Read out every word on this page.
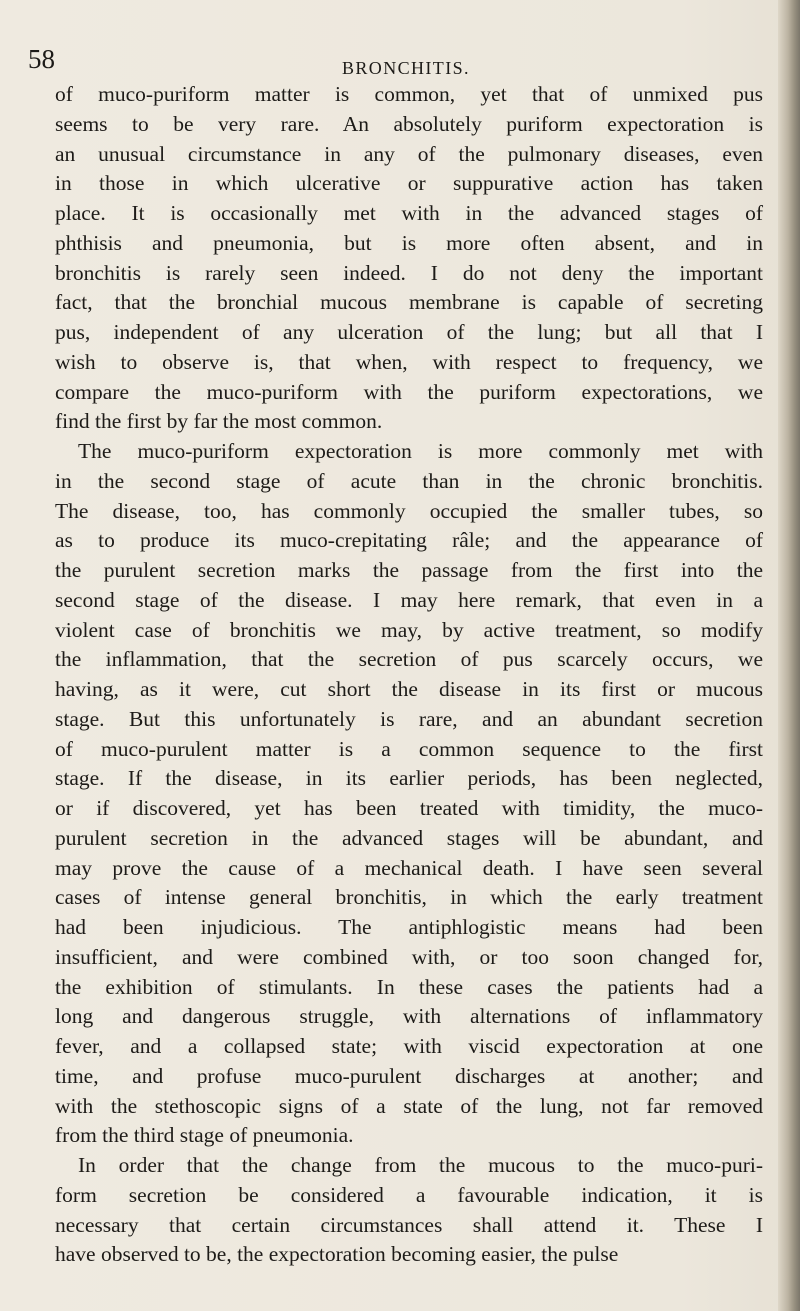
58	BRONCHITIS.
of muco-puriform matter is common, yet that of unmixed pus
seems to be very rare. An absolutely puriform expectoration is
an unusual circumstance in any of the pulmonary diseases, even
in those in which ulcerative or suppurative action has taken
place. It is occasionally met with in the advanced stages of
phthisis and pneumonia, but is more often absent, and in
bronchitis is rarely seen indeed. I do not deny the important
fact, that the bronchial mucous membrane is capable of secreting
pus, independent of any ulceration of the lung; but all that I
wish to observe is, that when, with respect to frequency, we
compare the muco-puriform with the puriform expectorations, we
find the first by far the most common.
The muco-puriform expectoration is more commonly met with
in the second stage of acute than in the chronic bronchitis.
The disease, too, has commonly occupied the smaller tubes, so
as to produce its muco-crepitating râle; and the appearance of
the purulent secretion marks the passage from the first into the
second stage of the disease. I may here remark, that even in a
violent case of bronchitis we may, by active treatment, so modify
the inflammation, that the secretion of pus scarcely occurs, we
having, as it were, cut short the disease in its first or mucous
stage. But this unfortunately is rare, and an abundant secretion
of muco-purulent matter is a common sequence to the first
stage. If the disease, in its earlier periods, has been neglected,
or if discovered, yet has been treated with timidity, the muco-
purulent secretion in the advanced stages will be abundant, and
may prove the cause of a mechanical death. I have seen several
cases of intense general bronchitis, in which the early treatment
had been injudicious. The antiphlogistic means had been
insufficient, and were combined with, or too soon changed for,
the exhibition of stimulants. In these cases the patients had a
long and dangerous struggle, with alternations of inflammatory
fever, and a collapsed state; with viscid expectoration at one
time, and profuse muco-purulent discharges at another; and
with the stethoscopic signs of a state of the lung, not far removed
from the third stage of pneumonia.
In order that the change from the mucous to the muco-puri-
form secretion be considered a favourable indication, it is
necessary that certain circumstances shall attend it. These I
have observed to be, the expectoration becoming easier, the pulse
